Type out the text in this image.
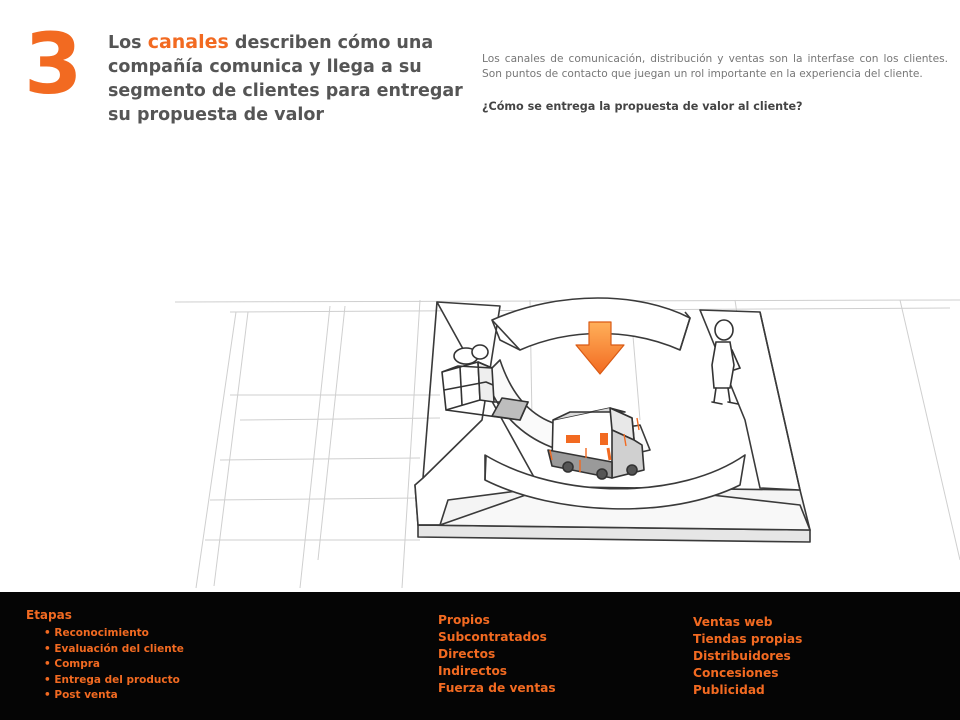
3 Los canales describen cómo una compañía comunica y llega a su segmento de clientes para entregar su propuesta de valor
Los canales de comunicación, distribución y ventas son la interfase con los clientes. Son puntos de contacto que juegan un rol importante en la experiencia del cliente.
¿Cómo se entrega la propuesta de valor al cliente?
Etapas
• Reconocimiento
• Evaluación del cliente
• Compra
• Entrega del producto
• Post venta
Propios
Subcontratados
Directos
Indirectos
Fuerza de ventas
Ventas web
Tiendas propias
Distribuidores
Concesiones
Publicidad
